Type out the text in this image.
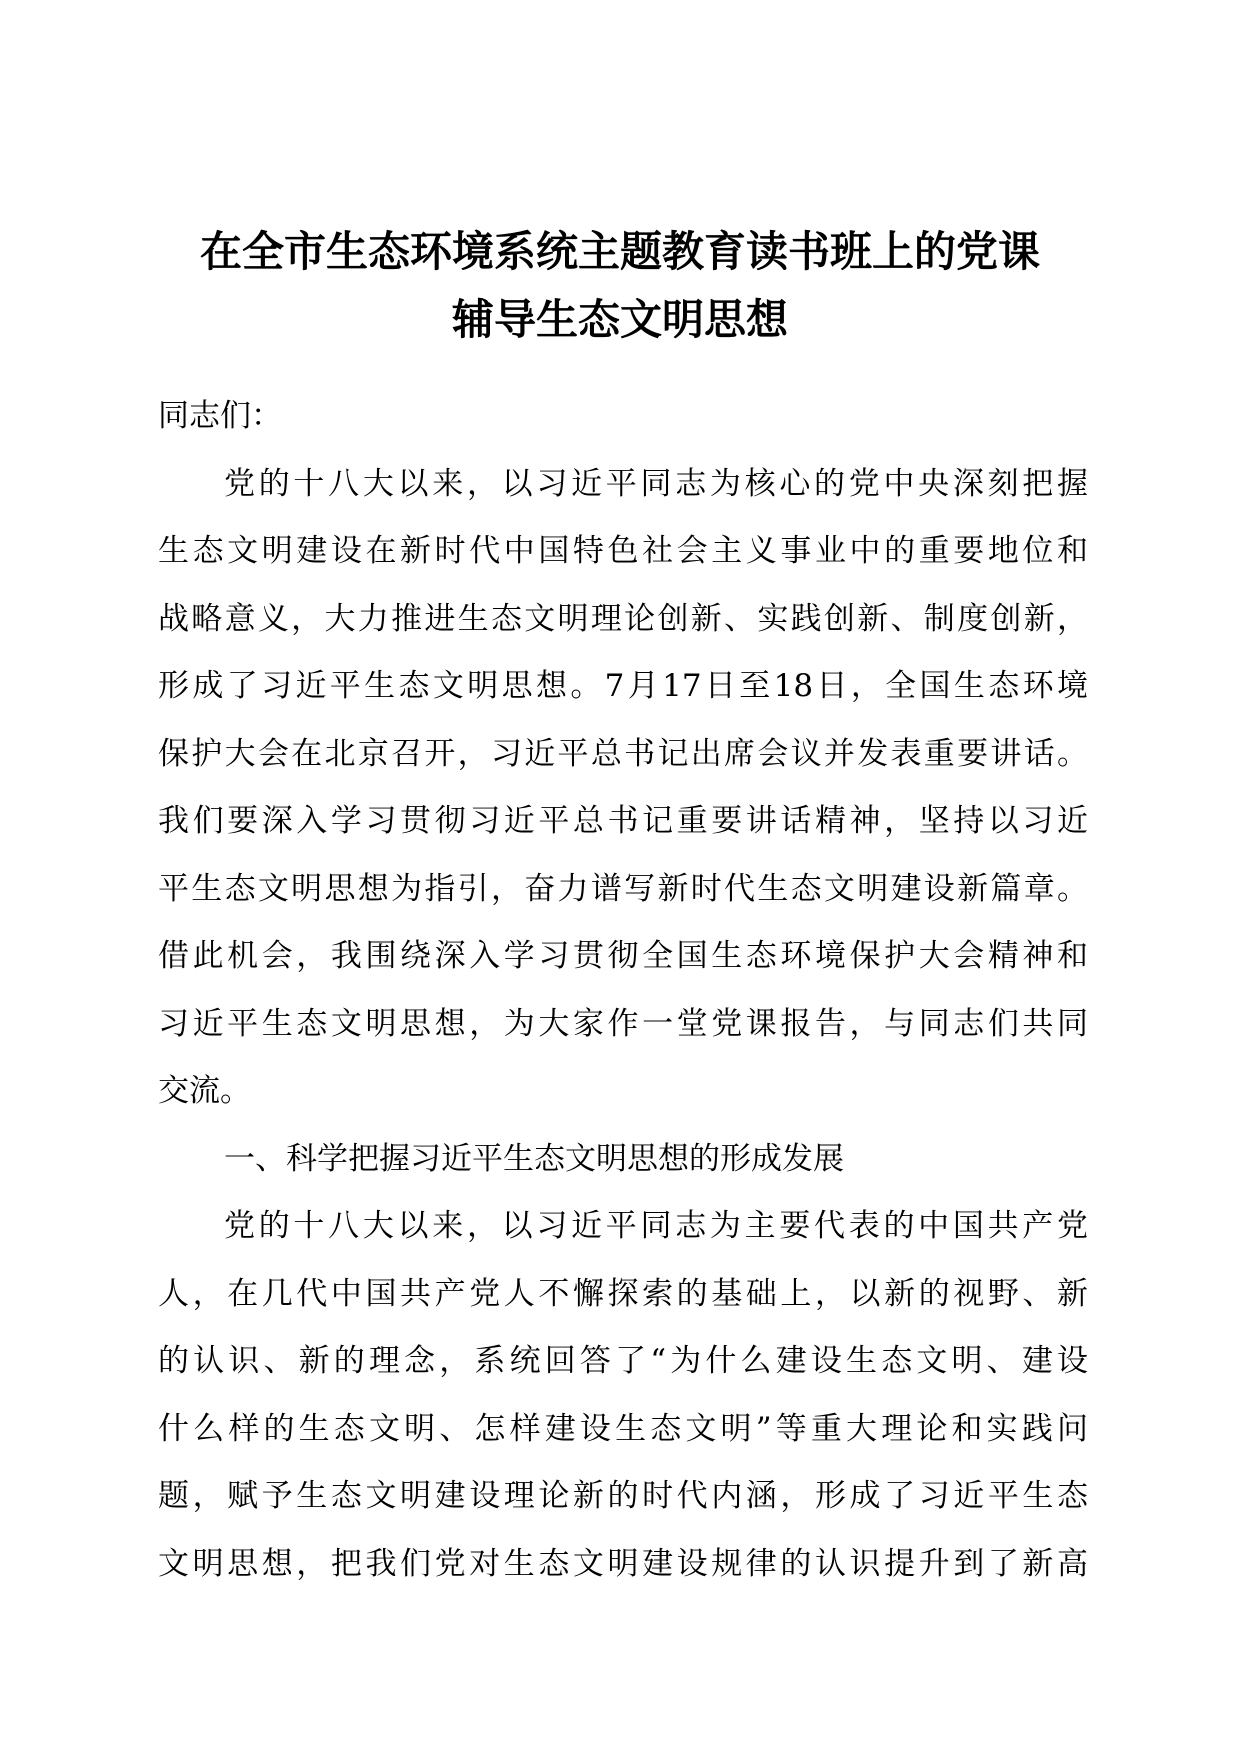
在全市生态环境系统主题教育读书班上的党课
辅导生态文明思想
同志们：
党的十八大以来，以习近平同志为核心的党中央深刻把握
生态文明建设在新时代中国特色社会主义事业中的重要地位和
战略意义，大力推进生态文明理论创新、实践创新、制度创新，
形成了习近平生态文明思想。7月17日至18日，全国生态环境
保护大会在北京召开，习近平总书记出席会议并发表重要讲话。
我们要深入学习贯彻习近平总书记重要讲话精神，坚持以习近
平生态文明思想为指引，奋力谱写新时代生态文明建设新篇章。
借此机会，我围绕深入学习贯彻全国生态环境保护大会精神和
习近平生态文明思想，为大家作一堂党课报告，与同志们共同
交流。
一、科学把握习近平生态文明思想的形成发展
党的十八大以来，以习近平同志为主要代表的中国共产党
人，在几代中国共产党人不懈探索的基础上，以新的视野、新
的认识、新的理念，系统回答了“为什么建设生态文明、建设
什么样的生态文明、怎样建设生态文明”等重大理论和实践问
题，赋予生态文明建设理论新的时代内涵，形成了习近平生态
文明思想，把我们党对生态文明建设规律的认识提升到了新高
